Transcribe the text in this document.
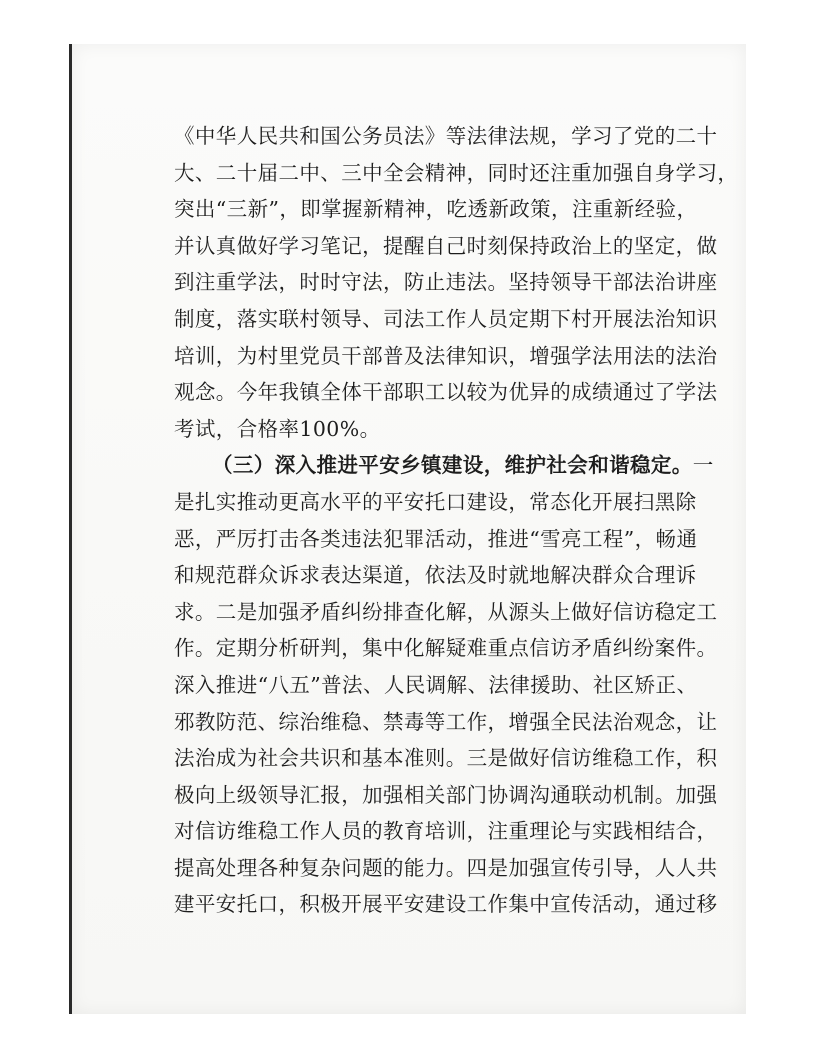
《中华人民共和国公务员法》等法律法规，学习了党的二十
大、二十届二中、三中全会精神，同时还注重加强自身学习，
突出“三新”，即掌握新精神，吃透新政策，注重新经验，
并认真做好学习笔记，提醒自己时刻保持政治上的坚定，做
到注重学法，时时守法，防止违法。坚持领导干部法治讲座
制度，落实联村领导、司法工作人员定期下村开展法治知识
培训，为村里党员干部普及法律知识，增强学法用法的法治
观念。今年我镇全体干部职工以较为优异的成绩通过了学法
考试，合格率100%。
（三）深入推进平安乡镇建设，维护社会和谐稳定。一
是扎实推动更高水平的平安托口建设，常态化开展扫黑除
恶，严厉打击各类违法犯罪活动，推进“雪亮工程”，畅通
和规范群众诉求表达渠道，依法及时就地解决群众合理诉
求。二是加强矛盾纠纷排查化解，从源头上做好信访稳定工
作。定期分析研判，集中化解疑难重点信访矛盾纠纷案件。
深入推进“八五”普法、人民调解、法律援助、社区矫正、
邪教防范、综治维稳、禁毒等工作，增强全民法治观念，让
法治成为社会共识和基本准则。三是做好信访维稳工作，积
极向上级领导汇报，加强相关部门协调沟通联动机制。加强
对信访维稳工作人员的教育培训，注重理论与实践相结合，
提高处理各种复杂问题的能力。四是加强宣传引导，人人共
建平安托口，积极开展平安建设工作集中宣传活动，通过移
